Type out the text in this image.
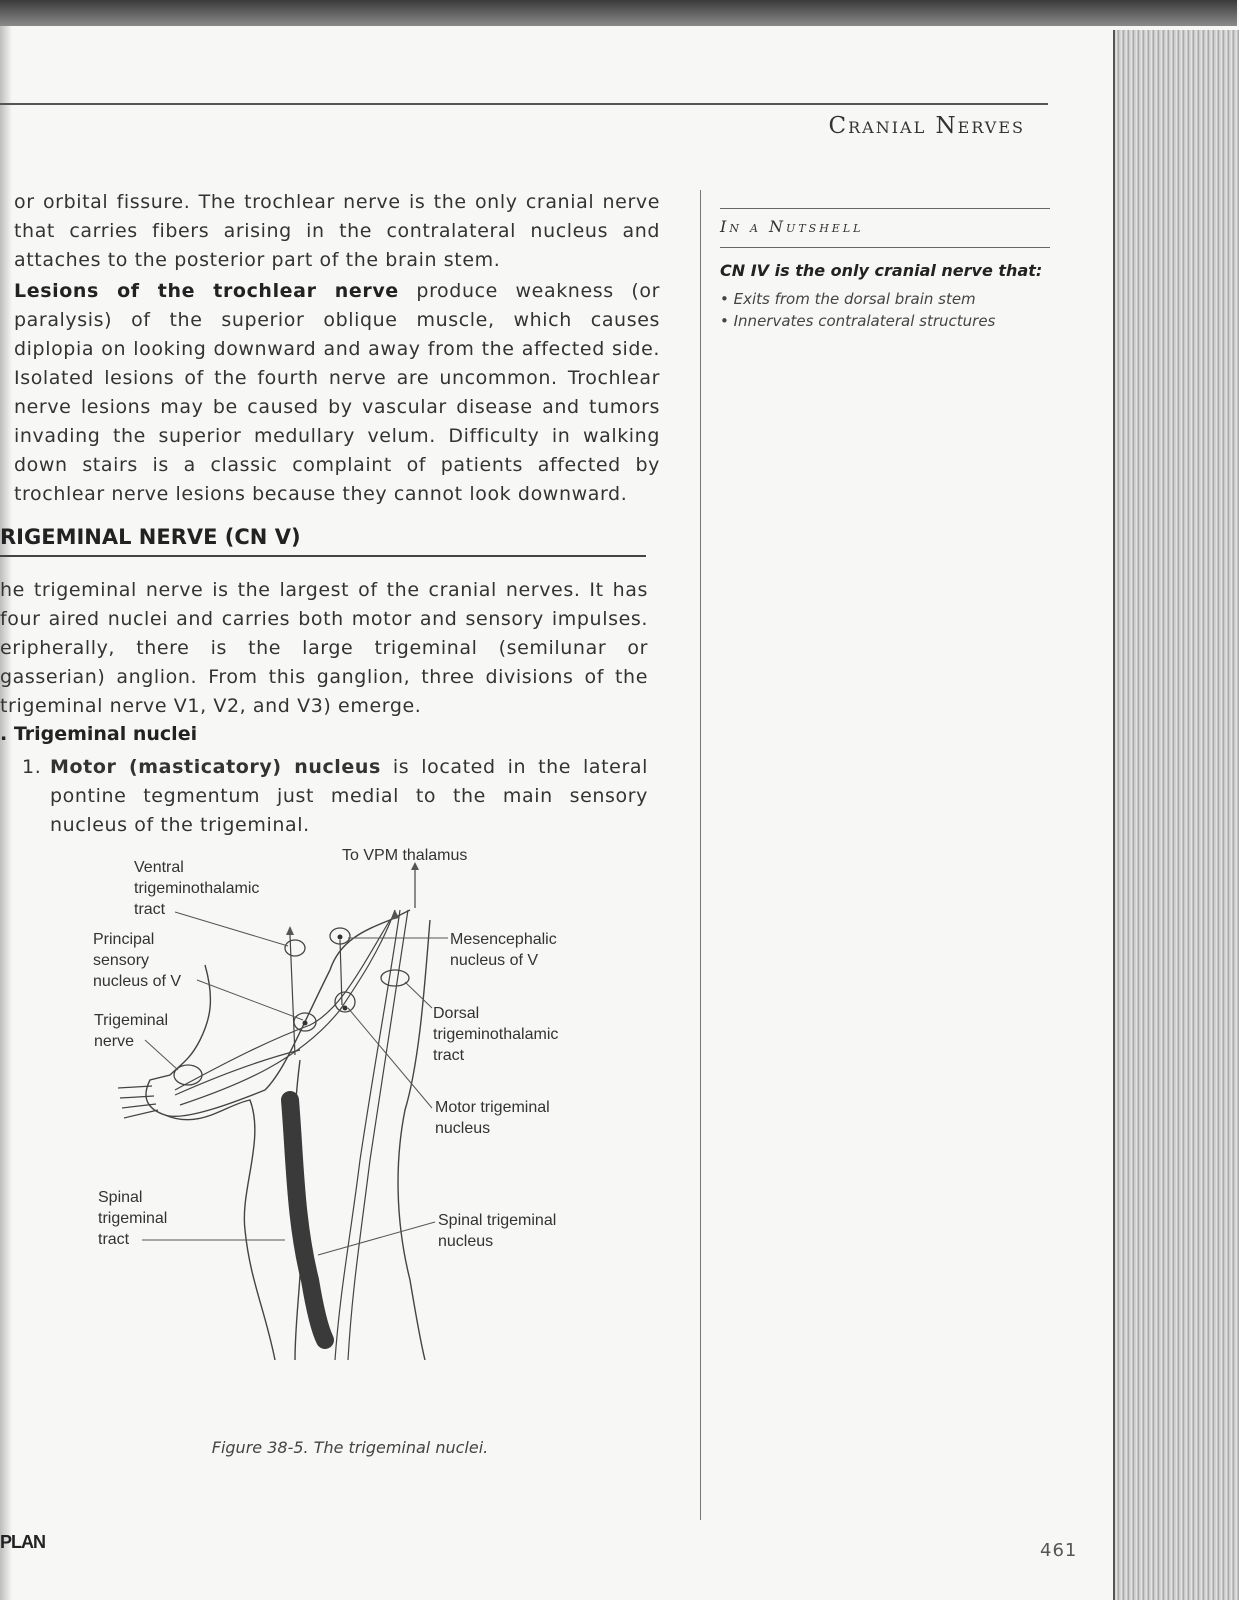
Cranial Nerves
or orbital fissure. The trochlear nerve is the only cranial nerve that carries fibers arising in the contralateral nucleus and attaches to the posterior part of the brain stem.
Lesions of the trochlear nerve produce weakness (or paralysis) of the superior oblique muscle, which causes diplopia on looking downward and away from the affected side. Isolated lesions of the fourth nerve are uncommon. Trochlear nerve lesions may be caused by vascular disease and tumors invading the superior medullary velum. Difficulty in walking down stairs is a classic complaint of patients affected by trochlear nerve lesions because they cannot look downward.
RIGEMINAL NERVE (CN V)
he trigeminal nerve is the largest of the cranial nerves. It has four aired nuclei and carries both motor and sensory impulses. eripherally, there is the large trigeminal (semilunar or gasserian) anglion. From this ganglion, three divisions of the trigeminal nerve V1, V2, and V3) emerge.
. Trigeminal nuclei
1. Motor (masticatory) nucleus is located in the lateral pontine tegmentum just medial to the main sensory nucleus of the trigeminal.
In a Nutshell
CN IV is the only cranial nerve that:
• Exits from the dorsal brain stem
• Innervates contralateral structures
To VPM thalamus
Ventral
trigeminothalamic
tract
Principal
sensory
nucleus of V
Trigeminal
nerve
Mesencephalic
nucleus of V
Dorsal
trigeminothalamic
tract
Motor trigeminal
nucleus
Spinal
trigeminal
tract
Spinal trigeminal
nucleus
Figure 38-5. The trigeminal nuclei.
PLAN	461
